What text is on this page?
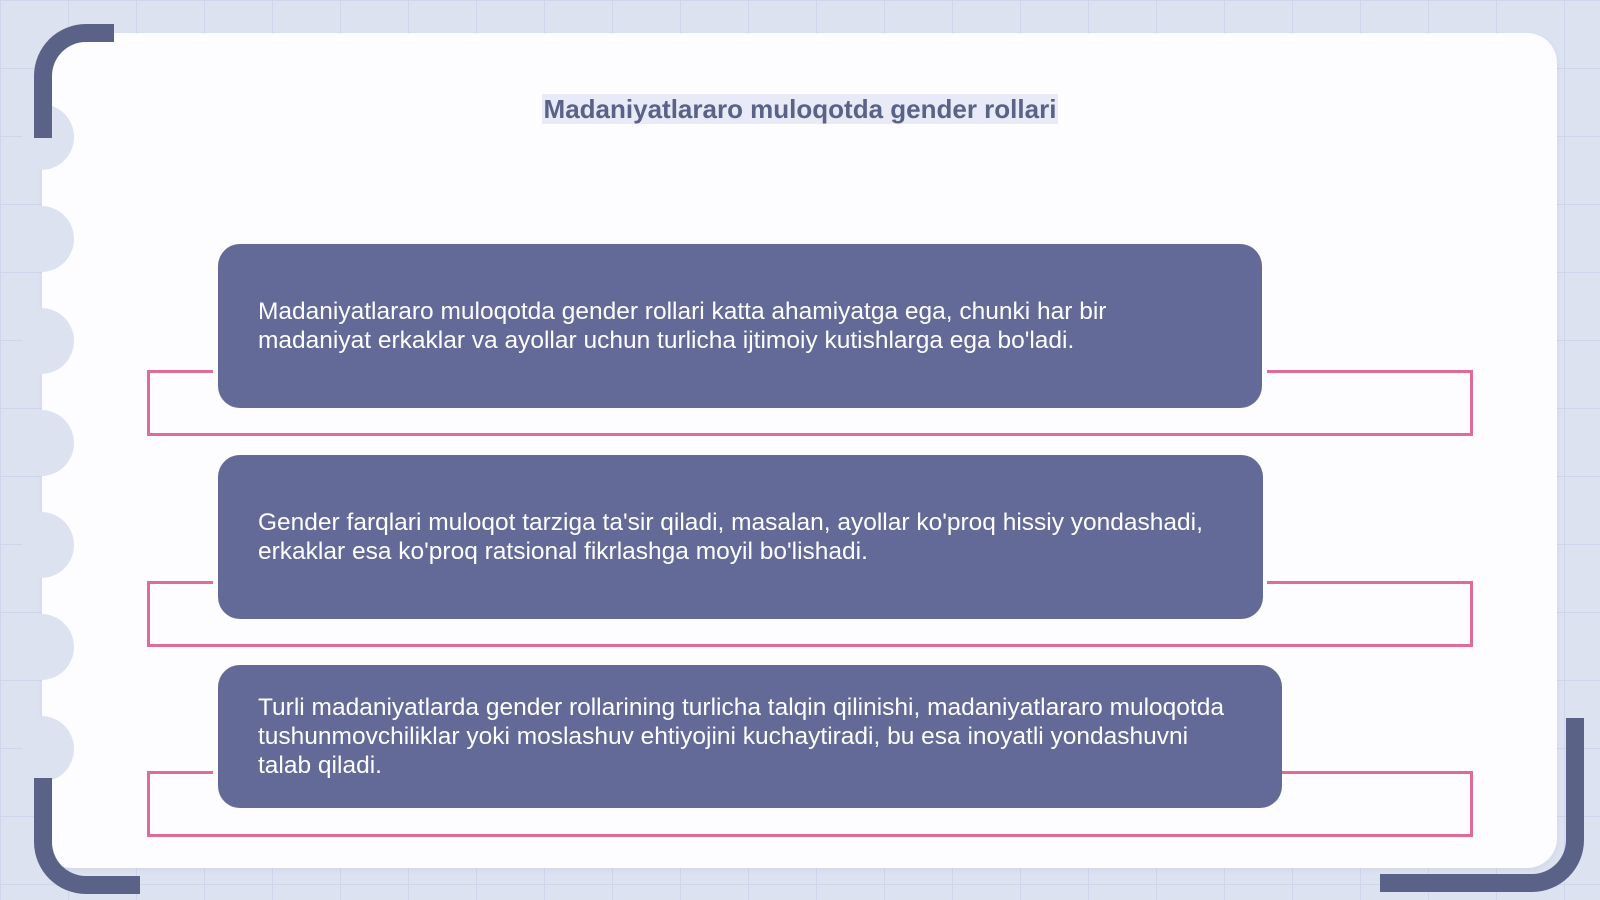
Madaniyatlararo muloqotda gender rollari

Madaniyatlararo muloqotda gender rollari katta ahamiyatga ega, chunki har bir madaniyat erkaklar va ayollar uchun turlicha ijtimoiy kutishlarga ega bo'ladi.

Gender farqlari muloqot tarziga ta'sir qiladi, masalan, ayollar ko'proq hissiy yondashadi, erkaklar esa ko'proq ratsional fikrlashga moyil bo'lishadi.

Turli madaniyatlarda gender rollarining turlicha talqin qilinishi, madaniyatlararo muloqotda tushunmovchiliklar yoki moslashuv ehtiyojini kuchaytiradi, bu esa inoyatli yondashuvni talab qiladi.
